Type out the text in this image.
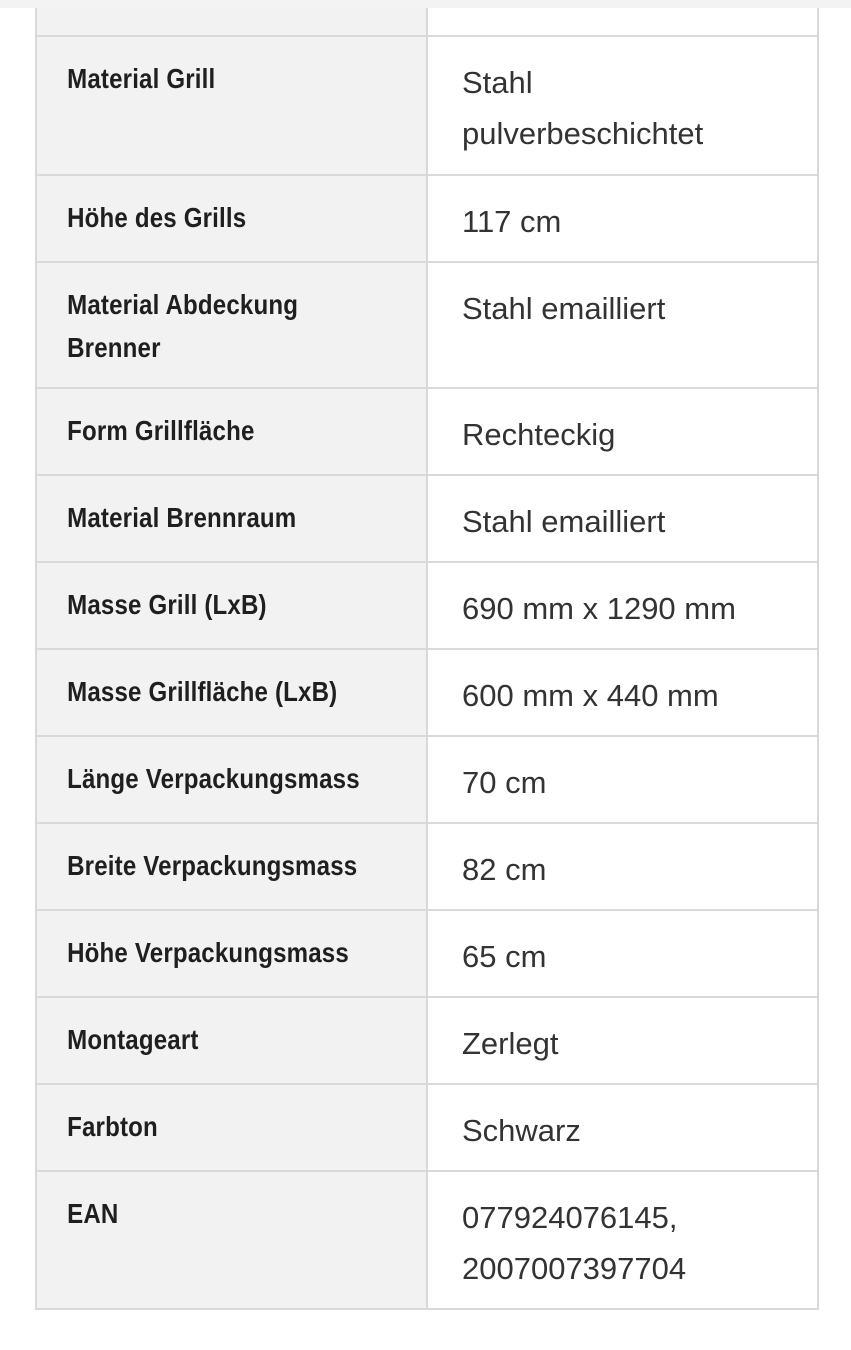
Material Grill	Stahl pulverbeschichtet

Höhe des Grills	117 cm

Material Abdeckung Brenner	Stahl emailliert

Form Grillfläche	Rechteckig

Material Brennraum	Stahl emailliert

Masse Grill (LxB)	690 mm x 1290 mm

Masse Grillfläche (LxB)	600 mm x 440 mm

Länge Verpackungsmass	70 cm

Breite Verpackungsmass	82 cm

Höhe Verpackungsmass	65 cm

Montageart	Zerlegt

Farbton	Schwarz

EAN	077924076145, 2007007397704
